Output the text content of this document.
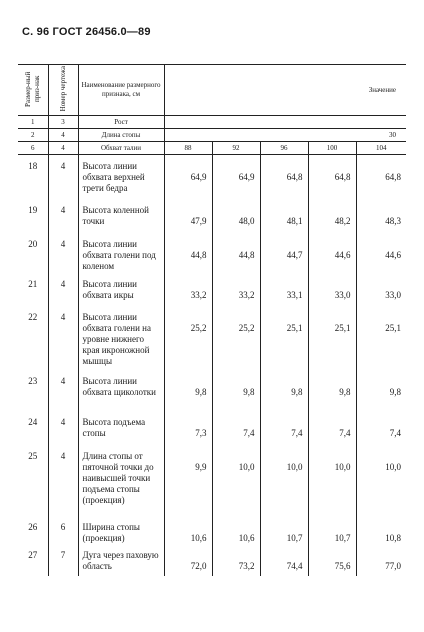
С. 96 ГОСТ 26456.0—89
Размер-ный приз-нак	Номер чертежа	Наименование размерного признака, см	Значение				

1	3	Рост					
2	4	Длина стопы	30				
6	4	Обхват талии	88	92	96	100	104
18	4	Высота линии обхвата верхней трети бедра	64,9	64,9	64,8	64,8	64,8
19	4	Высота коленной точки	47,9	48,0	48,1	48,2	48,3
20	4	Высота линии обхвата голени под коленом	44,8	44,8	44,7	44,6	44,6
21	4	Высота линии обхвата икры	33,2	33,2	33,1	33,0	33,0
22	4	Высота линии обхвата голени на уровне нижнего края икроножной мышцы	25,2	25,2	25,1	25,1	25,1
23	4	Высота линии обхвата щиколотки	9,8	9,8	9,8	9,8	9,8
24	4	Высота подъема стопы	7,3	7,4	7,4	7,4	7,4
25	4	Длина стопы от пяточной точки до наивысшей точки подъема стопы (проекция)	9,9	10,0	10,0	10,0	10,0
26	6	Ширина стопы (проекция)	10,6	10,6	10,7	10,7	10,8
27	7	Дуга через паховую область	72,0	73,2	74,4	75,6	77,0
